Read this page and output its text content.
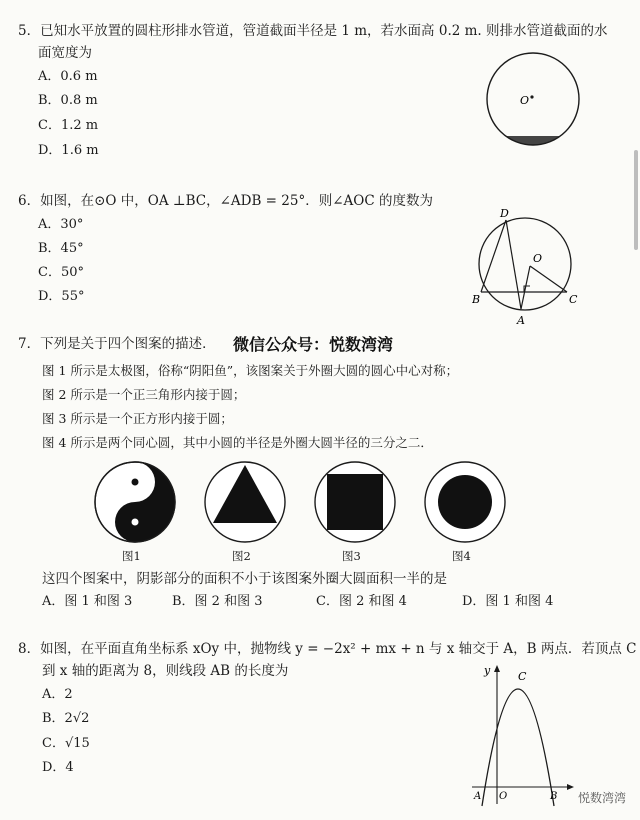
5．已知水平放置的圆柱形排水管道，管道截面半径是 1 m，若水面高 0.2 m. 则排水管道截面的水
面宽度为
A．0.6 m
B．0.8 m
C．1.2 m
D．1.6 m
O
6．如图，在⊙O 中，OA ⊥BC，∠ADB = 25°．则∠AOC 的度数为
A．30°
B．45°
C．50°
D．55°
D
O
B	C
A
7．下列是关于四个图案的描述． 微信公众号：悦数湾湾
图 1 所示是太极图，俗称“阴阳鱼”，该图案关于外圈大圆的圆心中心对称；
图 2 所示是一个正三角形内接于圆；
图 3 所示是一个正方形内接于圆；
图 4 所示是两个同心圆，其中小圆的半径是外圈大圆半径的三分之二．
图1	图2	图3	图4
这四个图案中，阴影部分的面积不小于该图案外圈大圆面积一半的是
A．图 1 和图 3	B．图 2 和图 3	C．图 2 和图 4	D．图 1 和图 4
8．如图，在平面直角坐标系 xOy 中，抛物线 y = −2x² + mx + n 与 x 轴交于 A，B 两点．若顶点 C
到 x 轴的距离为 8，则线段 AB 的长度为
A．2
B．2√2
C．√15
D．4
y	C
A O	B 悦数湾湾
